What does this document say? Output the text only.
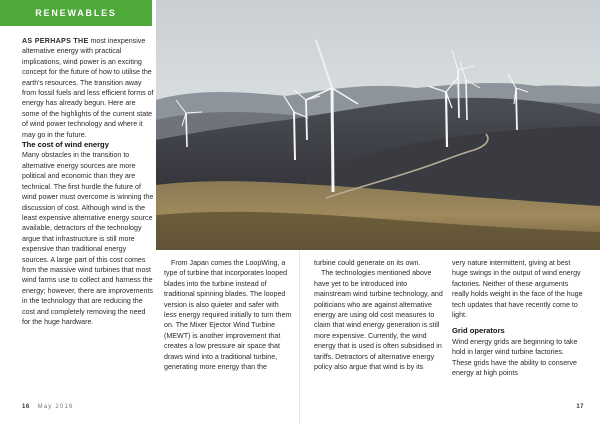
RENEWABLES

AS PERHAPS THE most inexpensive alternative energy with practical implications, wind power is an exciting concept for the future of how to utilise the earth's resources. The transition away from fossil fuels and less efficient forms of energy has already begun. Here are some of the highlights of the current state of wind power technology and where it may go in the future.

The cost of wind energy

Many obstacles in the transition to alternative energy sources are more political and economic than they are technical. The first hurdle the future of wind power must overcome is winning the discussion of cost. Although wind is the least expensive alternative energy source available, detractors of the technology argue that infrastructure is still more expensive than traditional energy sources. A large part of this cost comes from the massive wind turbines that most wind farms use to collect and harness the energy; however, there are improvements in the technology that are reducing the cost and completely removing the need for the huge hardware.

From Japan comes the LoopWing, a type of turbine that incorporates looped blades into the turbine instead of traditional spinning blades. The looped version is also quieter and safer with less energy required initially to turn them on. The Mixer Ejector Wind Turbine (MEWT) is another improvement that creates a low pressure air space that draws wind into a traditional turbine, generating more energy than the

turbine could generate on its own.

The technologies mentioned above have yet to be introduced into mainstream wind turbine technology, and politicians who are against alternative energy are using old cost measures to claim that wind energy generation is still more expensive. Currently, the wind energy that is used is often subsidised in tariffs. Detractors of alternative energy policy also argue that wind is by its

very nature intermittent, giving at best huge swings in the output of wind energy factories. Neither of these arguments really holds weight in the face of the huge tech updates that have recently come to light.

Grid operators

Wind energy grids are beginning to take hold in larger wind turbine factories. These grids have the ability to conserve energy at high points

16 May 2016	17
